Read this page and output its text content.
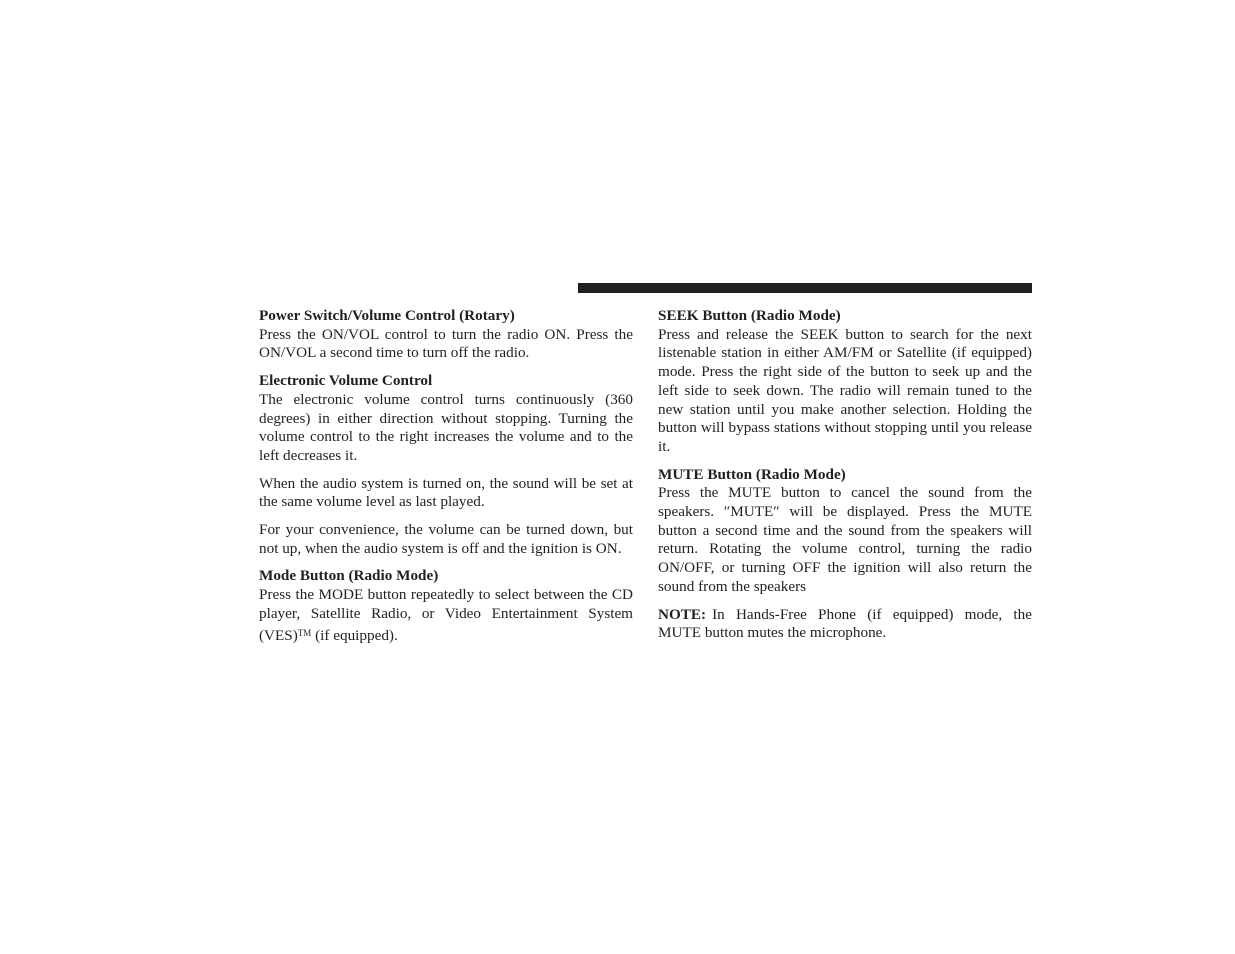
Power Switch/Volume Control (Rotary)

Press the ON/VOL control to turn the radio ON. Press the ON/VOL a second time to turn off the radio.

Electronic Volume Control

The electronic volume control turns continuously (360 degrees) in either direction without stopping. Turning the volume control to the right increases the volume and to the left decreases it.

When the audio system is turned on, the sound will be set at the same volume level as last played.

For your convenience, the volume can be turned down, but not up, when the audio system is off and the ignition is ON.

Mode Button (Radio Mode)

Press the MODE button repeatedly to select between the CD player, Satellite Radio, or Video Entertainment System (VES)™ (if equipped).

SEEK Button (Radio Mode)

Press and release the SEEK button to search for the next listenable station in either AM/FM or Satellite (if equipped) mode. Press the right side of the button to seek up and the left side to seek down. The radio will remain tuned to the new station until you make another selection. Holding the button will bypass stations without stopping until you release it.

MUTE Button (Radio Mode)

Press the MUTE button to cancel the sound from the speakers. ″MUTE″ will be displayed. Press the MUTE button a second time and the sound from the speakers will return. Rotating the volume control, turning the radio ON/OFF, or turning OFF the ignition will also return the sound from the speakers

NOTE: In Hands-Free Phone (if equipped) mode, the MUTE button mutes the microphone.
